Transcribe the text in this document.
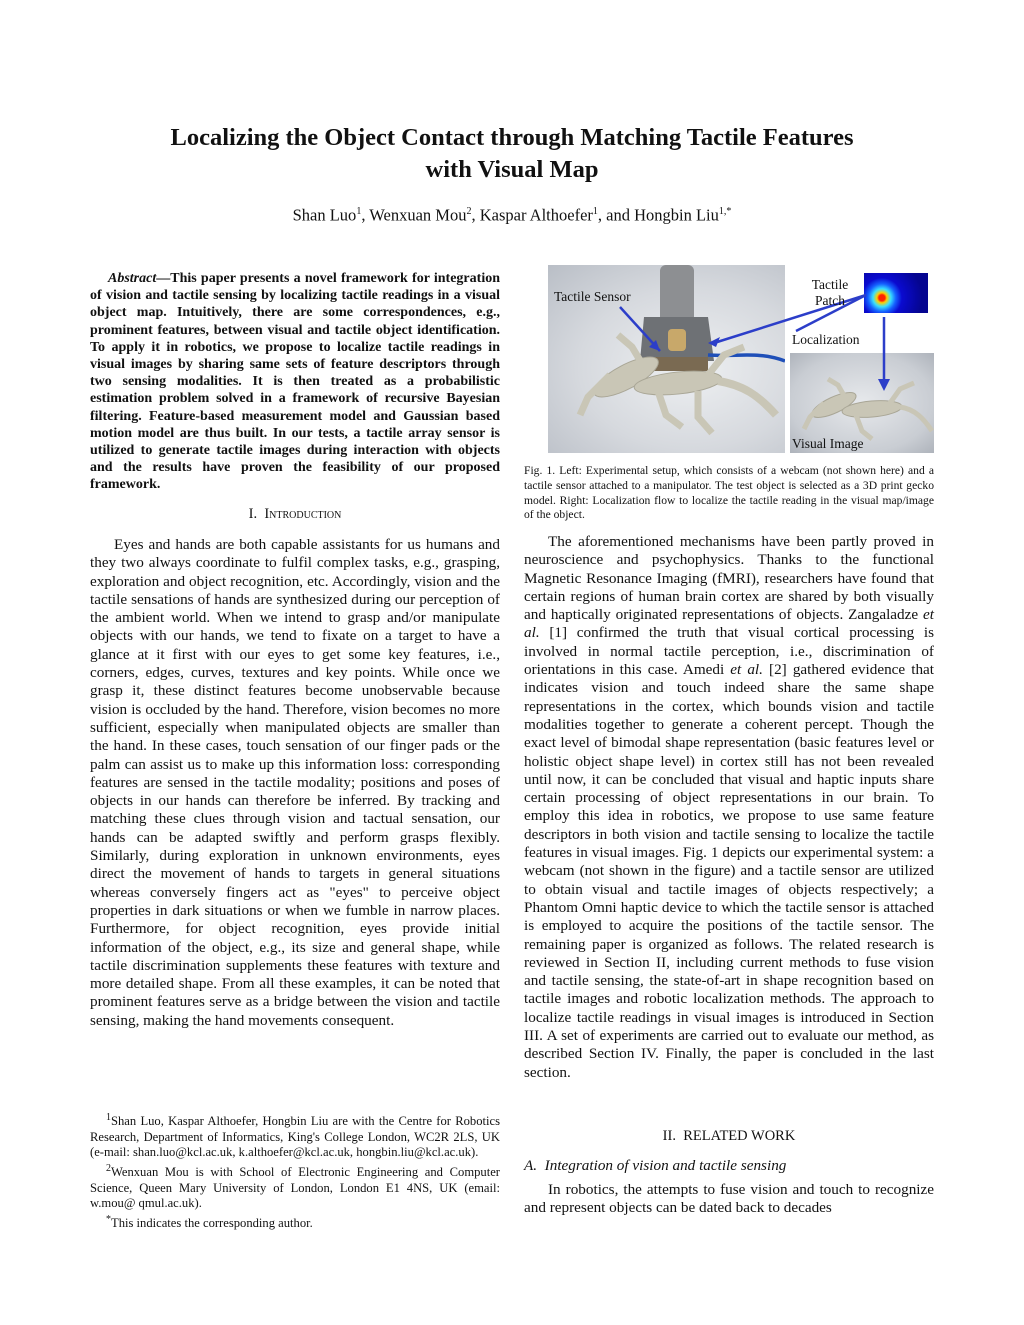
Localizing the Object Contact through Matching Tactile Features
with Visual Map
Shan Luo$^1$, Wenxuan Mou$^2$, Kaspar Althoefer$^1$, and Hongbin Liu$^{1,*}$
Abstract—This paper presents a novel framework for integration of vision and tactile sensing by localizing tactile readings in a visual object map. Intuitively, there are some correspondences, e.g., prominent features, between visual and tactile object identification. To apply it in robotics, we propose to localize tactile readings in visual images by sharing same sets of feature descriptors through two sensing modalities. It is then treated as a probabilistic estimation problem solved in a framework of recursive Bayesian filtering. Feature-based measurement model and Gaussian based motion model are thus built. In our tests, a tactile array sensor is utilized to generate tactile images during interaction with objects and the results have proven the feasibility of our proposed framework.
I. Introduction
Eyes and hands are both capable assistants for us humans and they two always coordinate to fulfil complex tasks, e.g., grasping, exploration and object recognition, etc. Accordingly, vision and the tactile sensations of hands are synthesized during our perception of the ambient world. When we intend to grasp and/or manipulate objects with our hands, we tend to fixate on a target to have a glance at it first with our eyes to get some key features, i.e., corners, edges, curves, textures and key points. While once we grasp it, these distinct features become unobservable because vision is occluded by the hand. Therefore, vision becomes no more sufficient, especially when manipulated objects are smaller than the hand. In these cases, touch sensation of our finger pads or the palm can assist us to make up this information loss: corresponding features are sensed in the tactile modality; positions and poses of objects in our hands can therefore be inferred. By tracking and matching these clues through vision and tactual sensation, our hands can be adapted swiftly and perform grasps flexibly. Similarly, during exploration in unknown environments, eyes direct the movement of hands to targets in general situations whereas conversely fingers act as "eyes" to perceive object properties in dark situations or when we fumble in narrow places. Furthermore, for object recognition, eyes provide initial information of the object, e.g., its size and general shape, while tactile discrimination supplements these features with texture and more detailed shape. From all these examples, it can be noted that prominent features serve as a bridge between the vision and tactile sensing, making the hand movements consequent.

$^1$Shan Luo, Kaspar Althoefer, Hongbin Liu are with the Centre for Robotics Research, Department of Informatics, King's College London, WC2R 2LS, UK (e-mail: shan.luo@kcl.ac.uk, k.althoefer@kcl.ac.uk, hongbin.liu@kcl.ac.uk).

$^2$Wenxuan Mou is with School of Electronic Engineering and Computer Science, Queen Mary University of London, London E1 4NS, UK (email: w.mou@ qmul.ac.uk).

*This indicates the corresponding author.

Tactile Sensor
Tactile
Patch
Localization
Visual Image
Fig. 1. Left: Experimental setup, which consists of a webcam (not shown here) and a tactile sensor attached to a manipulator. The test object is selected as a 3D print gecko model. Right: Localization flow to localize the tactile reading in the visual map/image of the object.
The aforementioned mechanisms have been partly proved in neuroscience and psychophysics. Thanks to the functional Magnetic Resonance Imaging (fMRI), researchers have found that certain regions of human brain cortex are shared by both visually and haptically originated representations of objects. Zangaladze et al. [1] confirmed the truth that visual cortical processing is involved in normal tactile perception, i.e., discrimination of orientations in this case. Amedi et al. [2] gathered evidence that indicates vision and touch indeed share the same shape representations in the cortex, which bounds vision and tactile modalities together to generate a coherent percept. Though the exact level of bimodal shape representation (basic features level or holistic object shape level) in cortex still has not been revealed until now, it can be concluded that visual and haptic inputs share certain processing of object representations in our brain. To employ this idea in robotics, we propose to use same feature descriptors in both vision and tactile sensing to localize the tactile features in visual images. Fig. 1 depicts our experimental system: a webcam (not shown in the figure) and a tactile sensor are utilized to obtain visual and tactile images of objects respectively; a Phantom Omni haptic device to which the tactile sensor is attached is employed to acquire the positions of the tactile sensor. The remaining paper is organized as follows. The related research is reviewed in Section II, including current methods to fuse vision and tactile sensing, the state-of-art in shape recognition based on tactile images and robotic localization methods. The approach to localize tactile readings in visual images is introduced in Section III. A set of experiments are carried out to evaluate our method, as described Section IV. Finally, the paper is concluded in the last section.
II.  RELATED WORK
A.  Integration of vision and tactile sensing
In robotics, the attempts to fuse vision and touch to recognize and represent objects can be dated back to decades
